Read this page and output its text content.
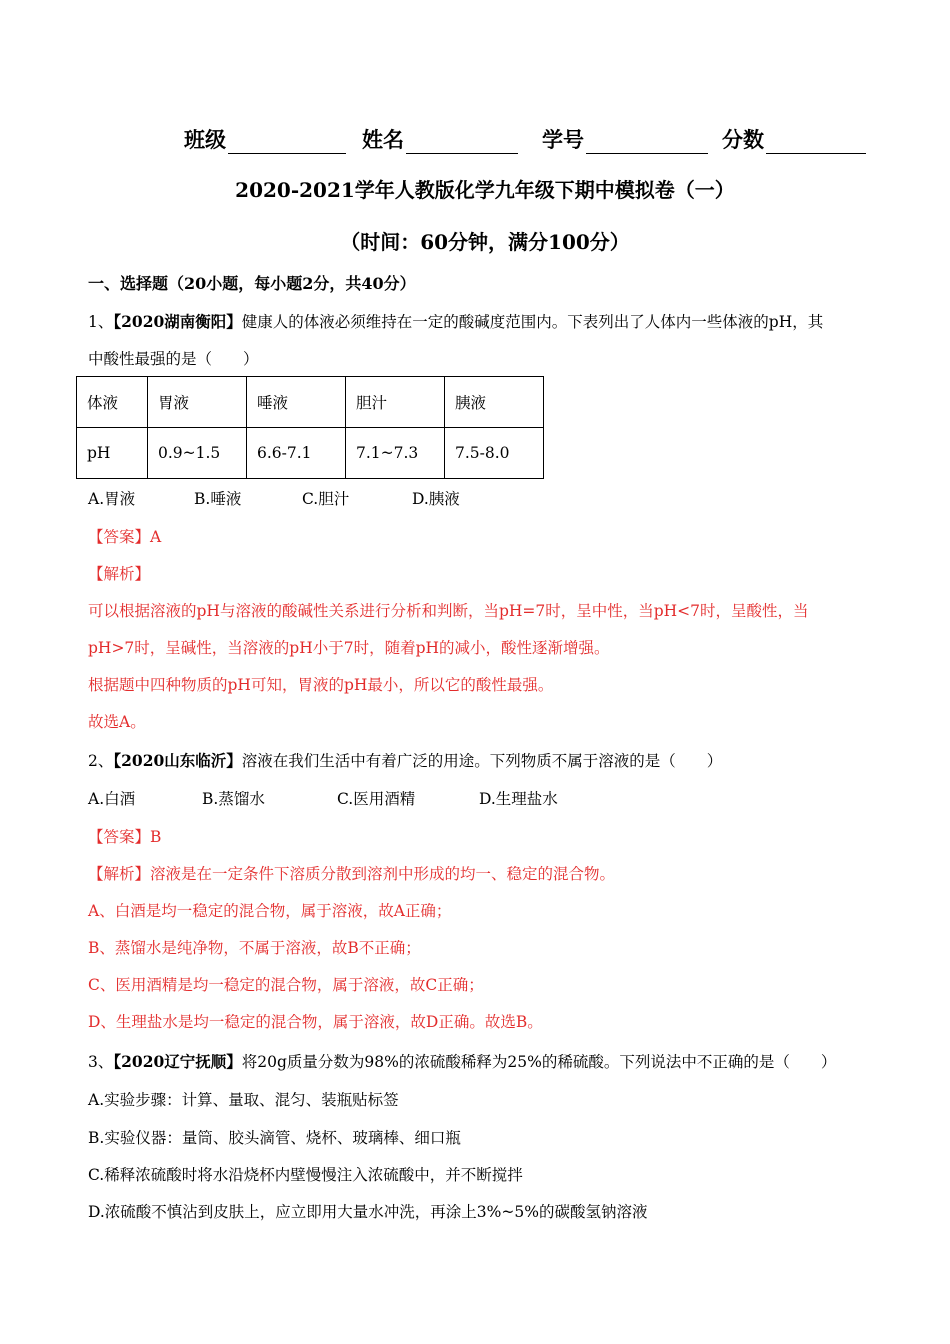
班级	姓名	学号	分数
2020-2021学年人教版化学九年级下期中模拟卷（一）
（时间：60分钟，满分100分）
一、选择题（20小题，每小题2分，共40分）

1、【2020湖南衡阳】健康人的体液必须维持在一定的酸碱度范围内。下表列出了人体内一些体液的pH，其

中酸性最强的是（　　）

体液	胃液	唾液	胆汁	胰液
pH	0.9~1.5	6.6-7.1	7.1~7.3	7.5-8.0

A.胃液	B.唾液	C.胆汁	D.胰液

【答案】A

【解析】

可以根据溶液的pH与溶液的酸碱性关系进行分析和判断，当pH=7时，呈中性，当pH<7时，呈酸性，当

pH>7时，呈碱性，当溶液的pH小于7时，随着pH的减小，酸性逐渐增强。

根据题中四种物质的pH可知，胃液的pH最小，所以它的酸性最强。

故选A。

2、【2020山东临沂】溶液在我们生活中有着广泛的用途。下列物质不属于溶液的是（　　）

A.白酒	B.蒸馏水	C.医用酒精	D.生理盐水

【答案】B

【解析】溶液是在一定条件下溶质分散到溶剂中形成的均一、稳定的混合物。

A、白酒是均一稳定的混合物，属于溶液，故A正确；

B、蒸馏水是纯净物，不属于溶液，故B不正确；

C、医用酒精是均一稳定的混合物，属于溶液，故C正确；

D、生理盐水是均一稳定的混合物，属于溶液，故D正确。故选B。

3、【2020辽宁抚顺】将20g质量分数为98%的浓硫酸稀释为25%的稀硫酸。下列说法中不正确的是（　　）

A.实验步骤：计算、量取、混匀、装瓶贴标签

B.实验仪器：量筒、胶头滴管、烧杯、玻璃棒、细口瓶

C.稀释浓硫酸时将水沿烧杯内壁慢慢注入浓硫酸中，并不断搅拌

D.浓硫酸不慎沾到皮肤上，应立即用大量水冲洗，再涂上3%~5%的碳酸氢钠溶液
